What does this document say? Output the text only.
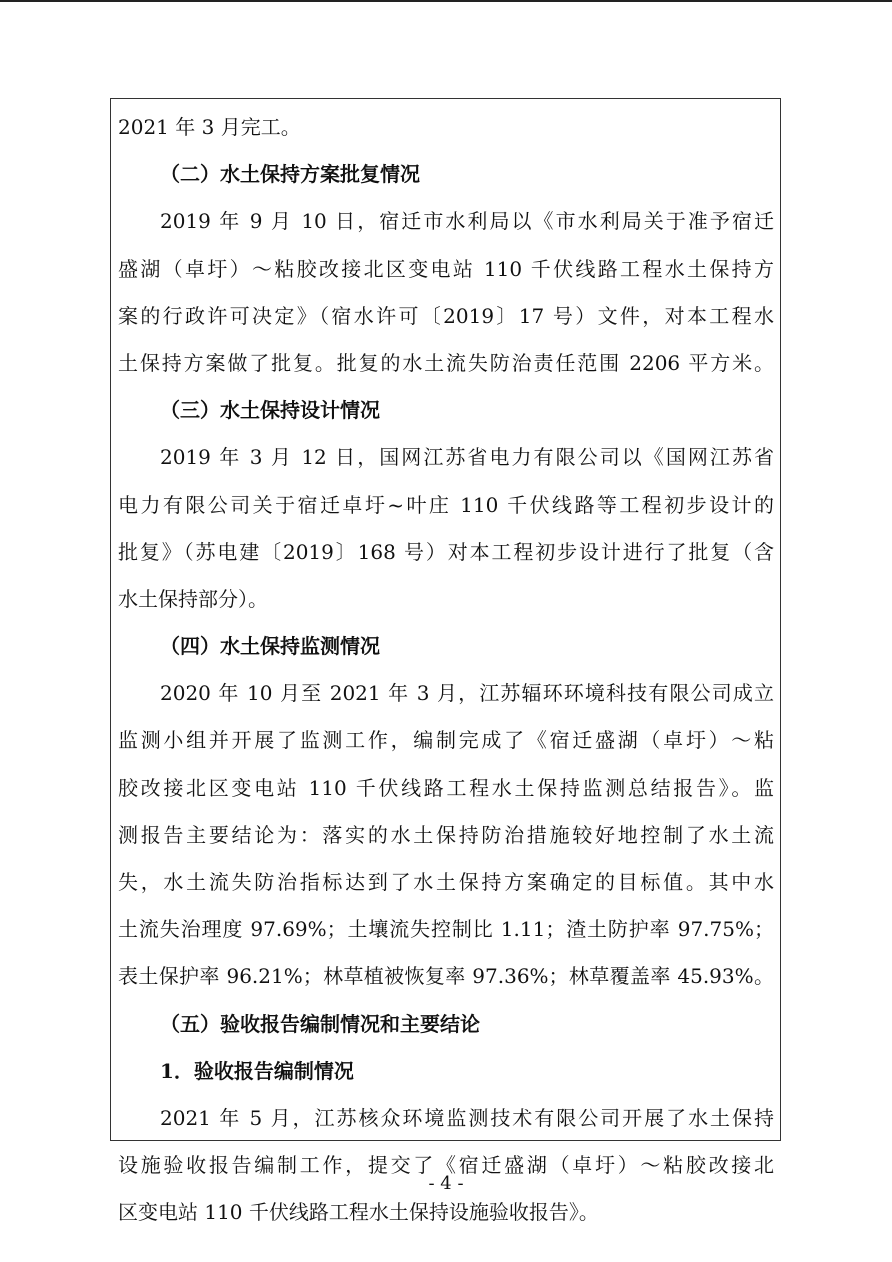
2021 年 3 月完工。
（二）水土保持方案批复情况
2019 年 9 月 10 日，宿迁市水利局以《市水利局关于准予宿迁
盛湖（卓圩）～粘胶改接北区变电站 110 千伏线路工程水土保持方
案的行政许可决定》（宿水许可〔2019〕17 号）文件，对本工程水
土保持方案做了批复。批复的水土流失防治责任范围 2206 平方米。
（三）水土保持设计情况
2019 年 3 月 12 日，国网江苏省电力有限公司以《国网江苏省
电力有限公司关于宿迁卓圩~叶庄 110 千伏线路等工程初步设计的
批复》（苏电建〔2019〕168 号）对本工程初步设计进行了批复（含
水土保持部分）。
（四）水土保持监测情况
2020 年 10 月至 2021 年 3 月，江苏辐环环境科技有限公司成立
监测小组并开展了监测工作，编制完成了《宿迁盛湖（卓圩）～粘
胶改接北区变电站 110 千伏线路工程水土保持监测总结报告》。监
测报告主要结论为：落实的水土保持防治措施较好地控制了水土流
失，水土流失防治指标达到了水土保持方案确定的目标值。其中水
土流失治理度 97.69%；土壤流失控制比 1.11；渣土防护率 97.75%；
表土保护率 96.21%；林草植被恢复率 97.36%；林草覆盖率 45.93%。
（五）验收报告编制情况和主要结论
1．验收报告编制情况
2021 年 5 月，江苏核众环境监测技术有限公司开展了水土保持
设施验收报告编制工作，提交了《宿迁盛湖（卓圩）～粘胶改接北
区变电站 110 千伏线路工程水土保持设施验收报告》。
- 4 -
